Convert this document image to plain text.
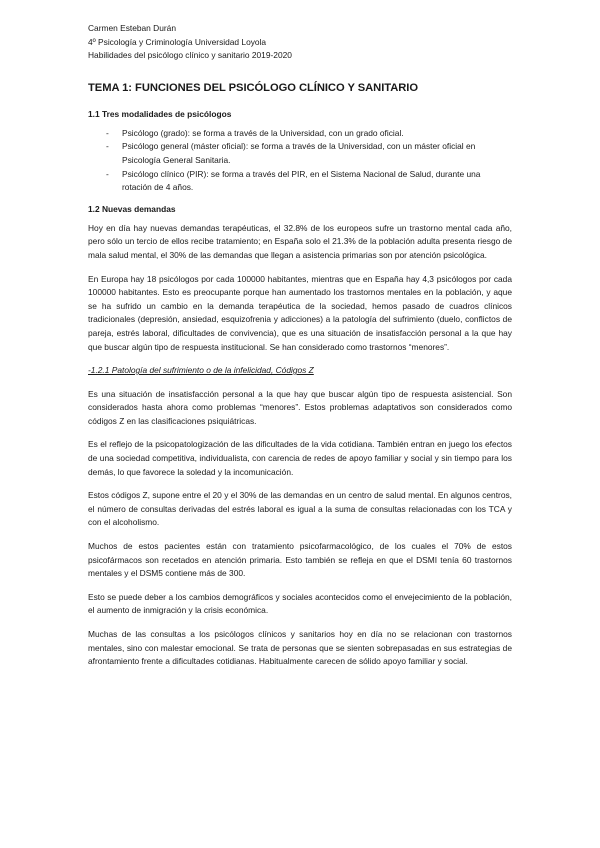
Carmen Esteban Durán

4º Psicología y Criminología Universidad Loyola

Habilidades del psicólogo clínico y sanitario 2019-2020

TEMA 1: FUNCIONES DEL PSICÓLOGO CLÍNICO Y SANITARIO
1.1 Tres modalidades de psicólogos
- Psicólogo (grado): se forma a través de la Universidad, con un grado oficial.
- Psicólogo general (máster oficial): se forma a través de la Universidad, con un máster oficial en Psicología General Sanitaria.
- Psicólogo clínico (PIR): se forma a través del PIR, en el Sistema Nacional de Salud, durante una rotación de 4 años.
1.2 Nuevas demandas

Hoy en día hay nuevas demandas terapéuticas, el 32.8% de los europeos sufre un trastorno mental cada año, pero sólo un tercio de ellos recibe tratamiento; en España solo el 21.3% de la población adulta presenta riesgo de mala salud mental, el 30% de las demandas que llegan a asistencia primarias son por atención psicológica.

En Europa hay 18 psicólogos por cada 100000 habitantes, mientras que en España hay 4,3 psicólogos por cada 100000 habitantes. Esto es preocupante porque han aumentado los trastornos mentales en la población, y aque se ha sufrido un cambio en la demanda terapéutica de la sociedad, hemos pasado de cuadros clínicos tradicionales (depresión, ansiedad, esquizofrenia y adicciones) a la patología del sufrimiento (duelo, conflictos de pareja, estrés laboral, dificultades de convivencia), que es una situación de insatisfacción personal a la que hay que buscar algún tipo de respuesta institucional. Se han considerado como trastornos “menores”.

-1.2.1 Patología del sufrimiento o de la infelicidad, Códigos Z

Es una situación de insatisfacción personal a la que hay que buscar algún tipo de respuesta asistencial. Son considerados hasta ahora como problemas “menores”. Estos problemas adaptativos son considerados como códigos Z en las clasificaciones psiquiátricas.

Es el reflejo de la psicopatologización de las dificultades de la vida cotidiana. También entran en juego los efectos de una sociedad competitiva, individualista, con carencia de redes de apoyo familiar y social y sin tiempo para los demás, lo que favorece la soledad y la incomunicación.

Estos códigos Z, supone entre el 20 y el 30% de las demandas en un centro de salud mental. En algunos centros, el número de consultas derivadas del estrés laboral es igual a la suma de consultas relacionadas con los TCA y con el alcoholismo.

Muchos de estos pacientes están con tratamiento psicofarmacológico, de los cuales el 70% de estos psicofármacos son recetados en atención primaria. Esto también se refleja en que el DSMI tenía 60 trastornos mentales y el DSM5 contiene más de 300.

Esto se puede deber a los cambios demográficos y sociales acontecidos como el envejecimiento de la población, el aumento de inmigración y la crisis económica.

Muchas de las consultas a los psicólogos clínicos y sanitarios hoy en día no se relacionan con trastornos mentales, sino con malestar emocional. Se trata de personas que se sienten sobrepasadas en sus estrategias de afrontamiento frente a dificultades cotidianas. Habitualmente carecen de sólido apoyo familiar y social.
